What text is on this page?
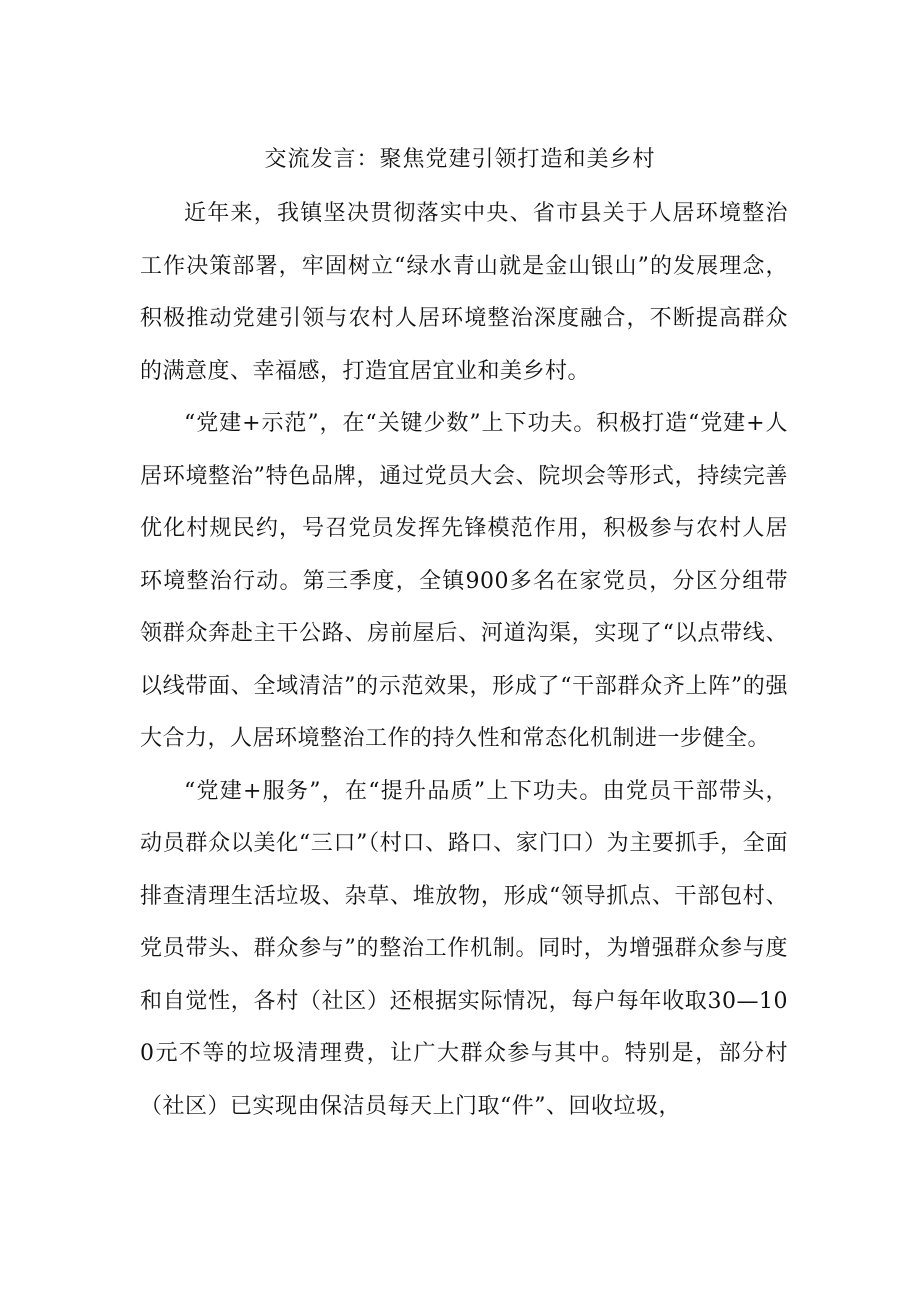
交流发言：聚焦党建引领打造和美乡村

近年来，我镇坚决贯彻落实中央、省市县关于人居环境整治工作决策部署，牢固树立“绿水青山就是金山银山”的发展理念，积极推动党建引领与农村人居环境整治深度融合，不断提高群众的满意度、幸福感，打造宜居宜业和美乡村。

“党建+示范”，在“关键少数”上下功夫。积极打造“党建+人居环境整治”特色品牌，通过党员大会、院坝会等形式，持续完善优化村规民约，号召党员发挥先锋模范作用，积极参与农村人居环境整治行动。第三季度，全镇900多名在家党员，分区分组带领群众奔赴主干公路、房前屋后、河道沟渠，实现了“以点带线、以线带面、全域清洁”的示范效果，形成了“干部群众齐上阵”的强大合力，人居环境整治工作的持久性和常态化机制进一步健全。

“党建+服务”，在“提升品质”上下功夫。由党员干部带头，动员群众以美化“三口”（村口、路口、家门口）为主要抓手，全面排查清理生活垃圾、杂草、堆放物，形成“领导抓点、干部包村、党员带头、群众参与”的整治工作机制。同时，为增强群众参与度和自觉性，各村（社区）还根据实际情况，每户每年收取30—100元不等的垃圾清理费，让广大群众参与其中。特别是，部分村（社区）已实现由保洁员每天上门取“件”、回收垃圾，
